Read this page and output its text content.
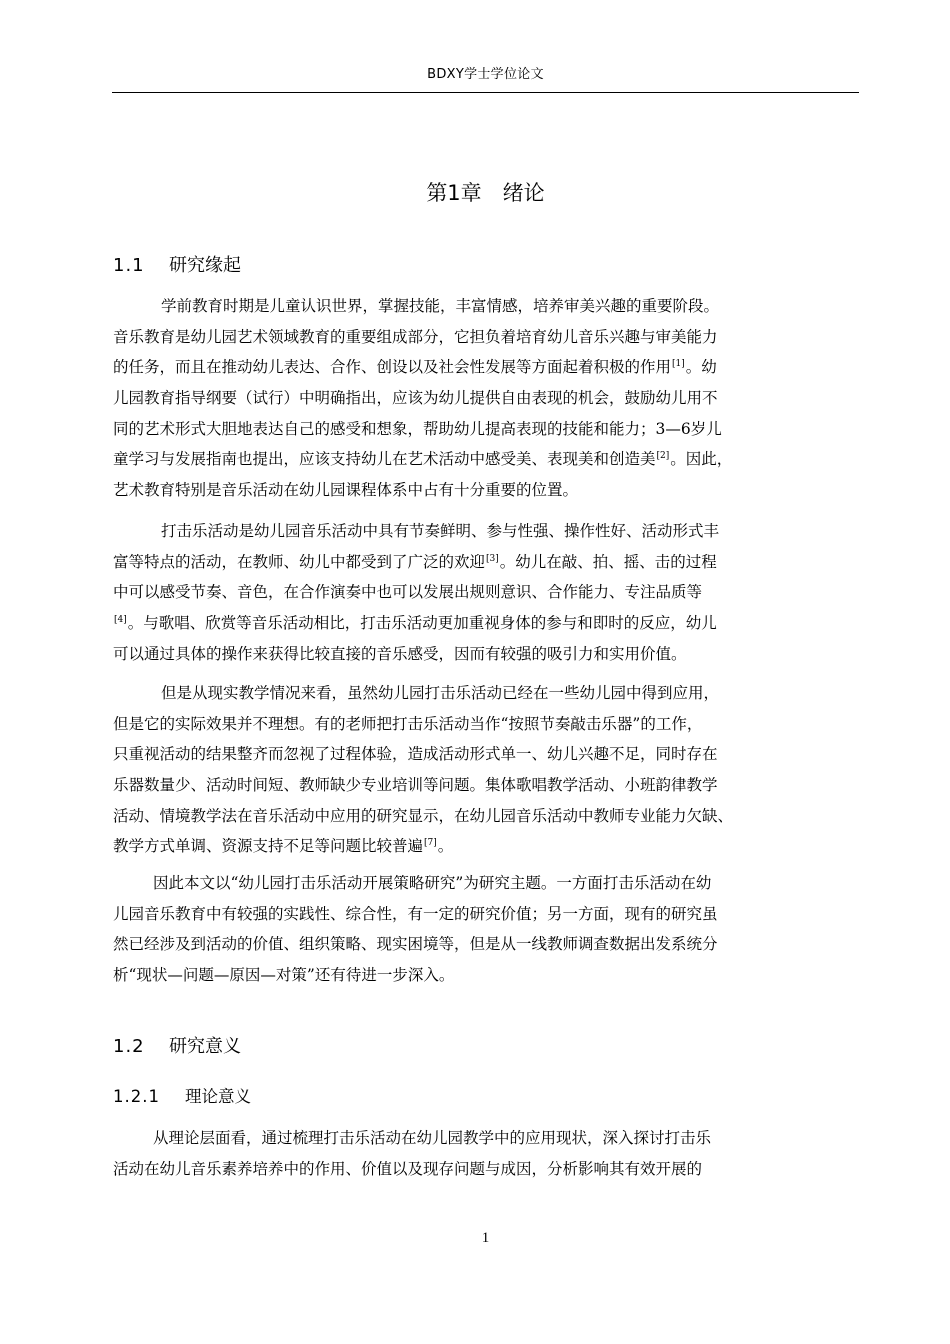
BDXY学士学位论文
第1章　绪论
1.1 研究缘起
学前教育时期是儿童认识世界，掌握技能，丰富情感，培养审美兴趣的重要阶段。
音乐教育是幼儿园艺术领域教育的重要组成部分，它担负着培育幼儿音乐兴趣与审美能力
的任务，而且在推动幼儿表达、合作、创设以及社会性发展等方面起着积极的作用[1]。幼
儿园教育指导纲要（试行）中明确指出，应该为幼儿提供自由表现的机会，鼓励幼儿用不
同的艺术形式大胆地表达自己的感受和想象，帮助幼儿提高表现的技能和能力；3—6岁儿
童学习与发展指南也提出，应该支持幼儿在艺术活动中感受美、表现美和创造美[2]。因此，
艺术教育特别是音乐活动在幼儿园课程体系中占有十分重要的位置。
打击乐活动是幼儿园音乐活动中具有节奏鲜明、参与性强、操作性好、活动形式丰
富等特点的活动，在教师、幼儿中都受到了广泛的欢迎[3]。幼儿在敲、拍、摇、击的过程
中可以感受节奏、音色，在合作演奏中也可以发展出规则意识、合作能力、专注品质等
[4]。与歌唱、欣赏等音乐活动相比，打击乐活动更加重视身体的参与和即时的反应，幼儿
可以通过具体的操作来获得比较直接的音乐感受，因而有较强的吸引力和实用价值。
但是从现实教学情况来看，虽然幼儿园打击乐活动已经在一些幼儿园中得到应用，
但是它的实际效果并不理想。有的老师把打击乐活动当作“按照节奏敲击乐器”的工作，
只重视活动的结果整齐而忽视了过程体验，造成活动形式单一、幼儿兴趣不足，同时存在
乐器数量少、活动时间短、教师缺少专业培训等问题。集体歌唱教学活动、小班韵律教学
活动、情境教学法在音乐活动中应用的研究显示，在幼儿园音乐活动中教师专业能力欠缺、
教学方式单调、资源支持不足等问题比较普遍[7]。
因此本文以“幼儿园打击乐活动开展策略研究”为研究主题。一方面打击乐活动在幼
儿园音乐教育中有较强的实践性、综合性，有一定的研究价值；另一方面，现有的研究虽
然已经涉及到活动的价值、组织策略、现实困境等，但是从一线教师调查数据出发系统分
析“现状—问题—原因—对策”还有待进一步深入。
1.2 研究意义
1.2.1 理论意义
从理论层面看，通过梳理打击乐活动在幼儿园教学中的应用现状，深入探讨打击乐
活动在幼儿音乐素养培养中的作用、价值以及现存问题与成因，分析影响其有效开展的
1
